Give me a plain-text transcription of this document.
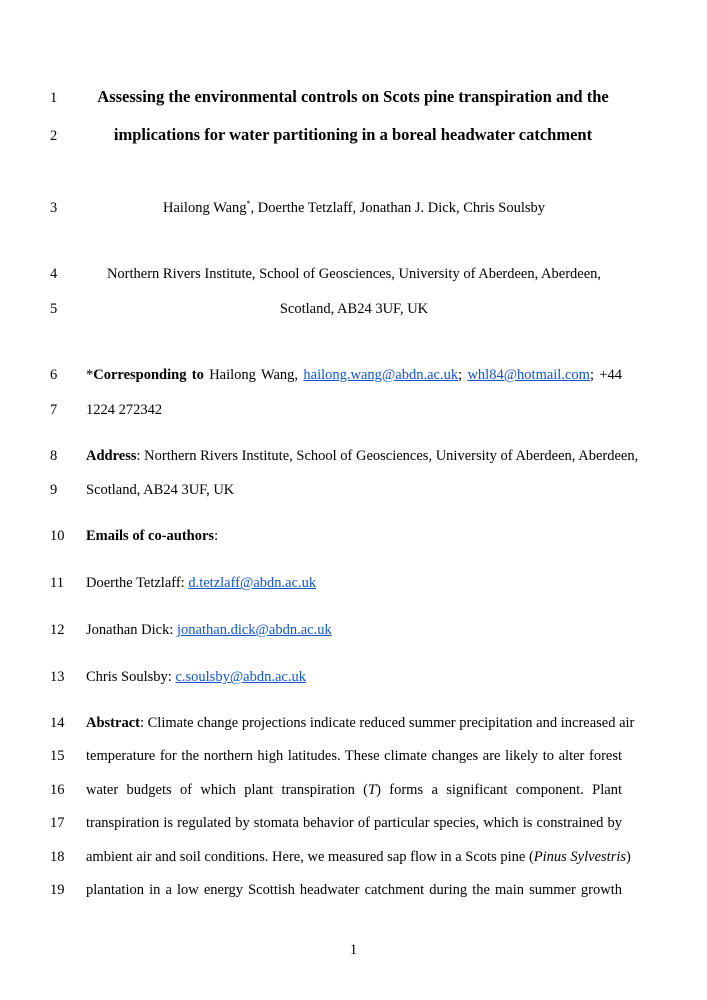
1
2
3
4
5
6
7
8
9
10
11
12
13
14
15
16
17
18
19
Assessing the environmental controls on Scots pine transpiration and the
implications for water partitioning in a boreal headwater catchment
Hailong Wang*, Doerthe Tetzlaff, Jonathan J. Dick, Chris Soulsby
Northern Rivers Institute, School of Geosciences, University of Aberdeen, Aberdeen,
Scotland, AB24 3UF, UK
*Corresponding to Hailong Wang, hailong.wang@abdn.ac.uk; whl84@hotmail.com; +44
1224 272342
Address: Northern Rivers Institute, School of Geosciences, University of Aberdeen, Aberdeen,
Scotland, AB24 3UF, UK
Emails of co-authors:
Doerthe Tetzlaff: d.tetzlaff@abdn.ac.uk
Jonathan Dick: jonathan.dick@abdn.ac.uk
Chris Soulsby: c.soulsby@abdn.ac.uk
Abstract: Climate change projections indicate reduced summer precipitation and increased air
temperature for the northern high latitudes. These climate changes are likely to alter forest
water budgets of which plant transpiration (T) forms a significant component. Plant
transpiration is regulated by stomata behavior of particular species, which is constrained by
ambient air and soil conditions. Here, we measured sap flow in a Scots pine (Pinus Sylvestris)
plantation in a low energy Scottish headwater catchment during the main summer growth
1
